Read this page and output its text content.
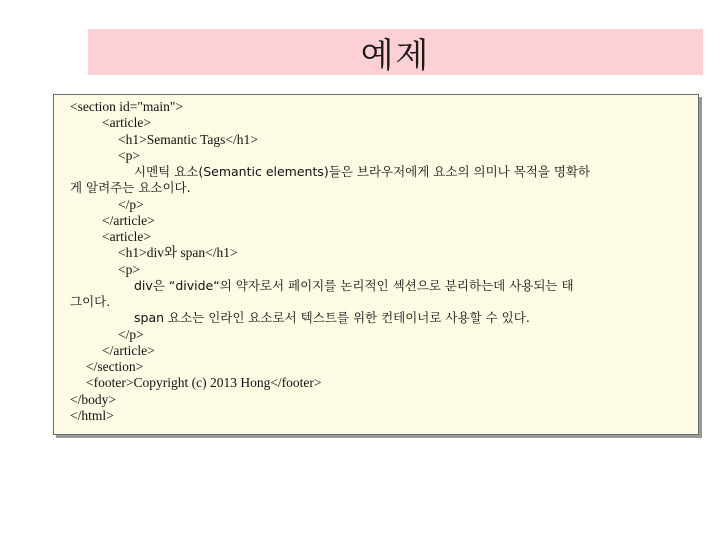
예제
<section id="main">
<article>
<h1>Semantic Tags</h1>
<p>
시멘틱 요소(Semantic elements)들은 브라우저에게 요소의 의미나 목적을 명확하
게 알려주는 요소이다.
</p>
</article>
<article>
<h1>div와 span</h1>
<p>
div은 “divide“의 약자로서 페이지를 논리적인 섹션으로 분리하는데 사용되는 태
그이다.
span 요소는 인라인 요소로서 텍스트를 위한 컨테이너로 사용할 수 있다.
</p>
</article>
</section>
<footer>Copyright (c) 2013 Hong</footer>
</body>
</html>
